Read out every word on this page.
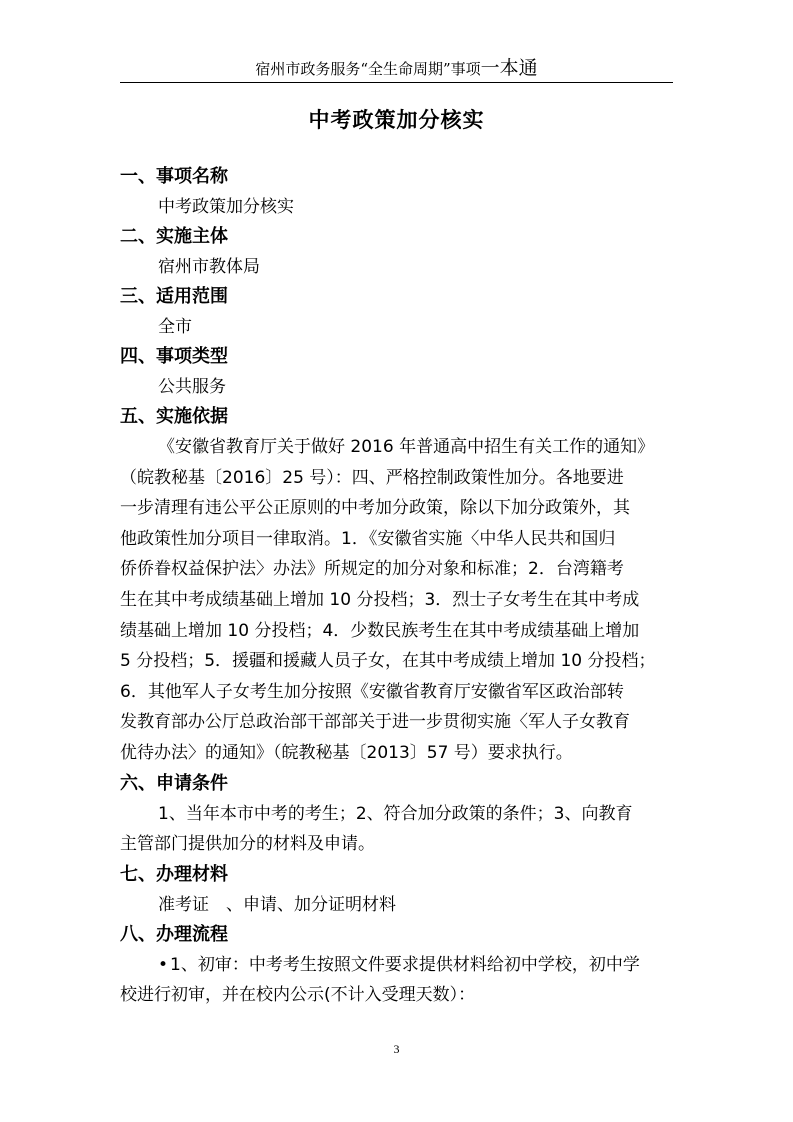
宿州市政务服务“全生命周期”事项一本通
中考政策加分核实
一、事项名称
中考政策加分核实
二、实施主体
宿州市教体局
三、适用范围
全市
四、事项类型
公共服务
五、实施依据
《安徽省教育厅关于做好 2016 年普通高中招生有关工作的通知》
（皖教秘基〔2016〕25 号）：四、严格控制政策性加分。各地要进
一步清理有违公平公正原则的中考加分政策，除以下加分政策外，其
他政策性加分项目一律取消。1．《安徽省实施〈中华人民共和国归
侨侨眷权益保护法〉办法》所规定的加分对象和标准；2．台湾籍考
生在其中考成绩基础上增加 10 分投档；3．烈士子女考生在其中考成
绩基础上增加 10 分投档；4．少数民族考生在其中考成绩基础上增加
5 分投档；5．援疆和援藏人员子女，在其中考成绩上增加 10 分投档；
6．其他军人子女考生加分按照《安徽省教育厅安徽省军区政治部转
发教育部办公厅总政治部干部部关于进一步贯彻实施〈军人子女教育
优待办法〉的通知》（皖教秘基〔2013〕57 号）要求执行。
六、申请条件
1、当年本市中考的考生；2、符合加分政策的条件；3、向教育
主管部门提供加分的材料及申请。
七、办理材料
准考证　、申请、加分证明材料
八、办理流程
• 1、初审：中考考生按照文件要求提供材料给初中学校，初中学
校进行初审，并在校内公示(不计入受理天数）：
3
